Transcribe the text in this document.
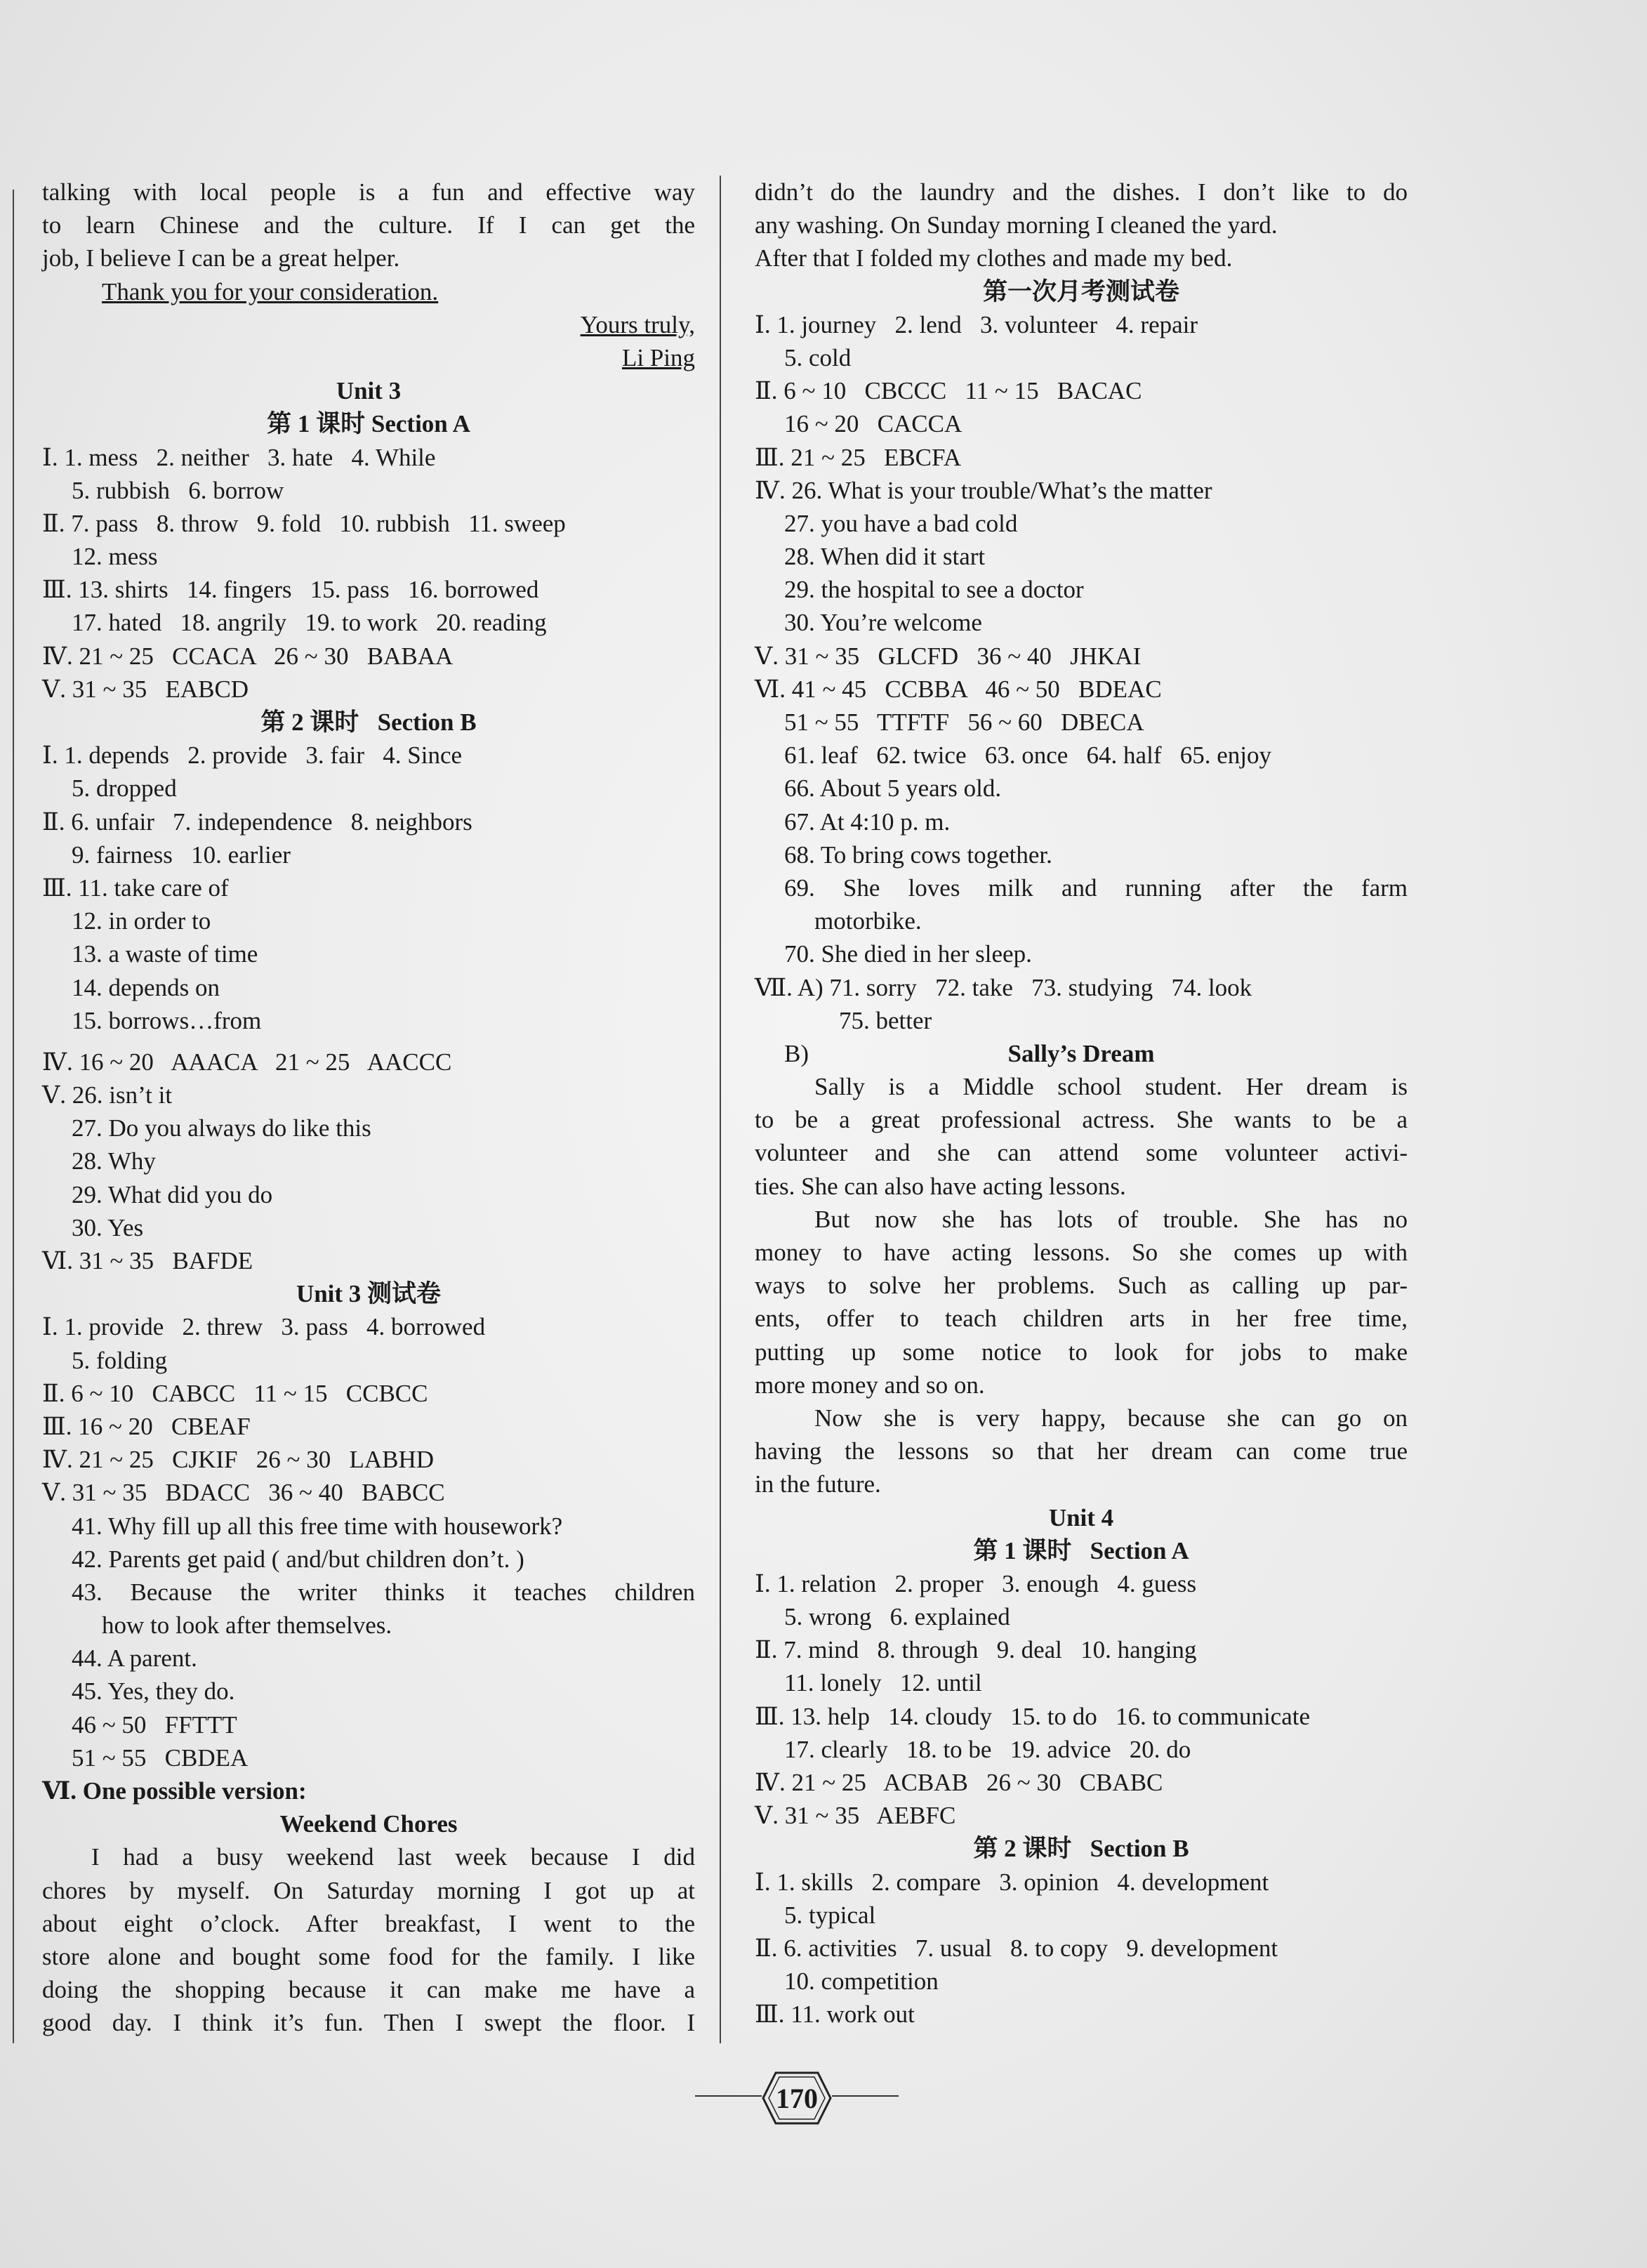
talking with local people is a fun and effective way
to learn Chinese and the culture. If I can get the
job, I believe I can be a great helper.
Thank you for your consideration.
Yours truly,
Li Ping
Unit 3
第 1 课时 Section A
Ⅰ. 1. mess   2. neither   3. hate   4. While
5. rubbish   6. borrow
Ⅱ. 7. pass   8. throw   9. fold   10. rubbish   11. sweep
12. mess
Ⅲ. 13. shirts   14. fingers   15. pass   16. borrowed
17. hated   18. angrily   19. to work   20. reading
Ⅳ. 21 ~ 25   CCACA   26 ~ 30   BABAA
Ⅴ. 31 ~ 35   EABCD
第 2 课时   Section B
Ⅰ. 1. depends   2. provide   3. fair   4. Since
5. dropped
Ⅱ. 6. unfair   7. independence   8. neighbors
9. fairness   10. earlier
Ⅲ. 11. take care of
12. in order to
13. a waste of time
14. depends on
15. borrows…from
Ⅳ. 16 ~ 20   AAACA   21 ~ 25   AACCC
Ⅴ. 26. isn’t it
27. Do you always do like this
28. Why
29. What did you do
30. Yes
Ⅵ. 31 ~ 35   BAFDE
Unit 3 测试卷
Ⅰ. 1. provide   2. threw   3. pass   4. borrowed
5. folding
Ⅱ. 6 ~ 10   CABCC   11 ~ 15   CCBCC
Ⅲ. 16 ~ 20   CBEAF
Ⅳ. 21 ~ 25   CJKIF   26 ~ 30   LABHD
Ⅴ. 31 ~ 35   BDACC   36 ~ 40   BABCC
41. Why fill up all this free time with housework?
42. Parents get paid ( and/but children don’t. )
43. Because the writer thinks it teaches children
how to look after themselves.
44. A parent.
45. Yes, they do.
46 ~ 50   FFTTT
51 ~ 55   CBDEA
Ⅵ. One possible version:
Weekend Chores
I had a busy weekend last week because I did
chores by myself. On Saturday morning I got up at
about eight o’clock. After breakfast, I went to the
store alone and bought some food for the family. I like
doing the shopping because it can make me have a
good day. I think it’s fun. Then I swept the floor. I
didn’t do the laundry and the dishes. I don’t like to do
any washing. On Sunday morning I cleaned the yard.
After that I folded my clothes and made my bed.
第一次月考测试卷
Ⅰ. 1. journey   2. lend   3. volunteer   4. repair
5. cold
Ⅱ. 6 ~ 10   CBCCC   11 ~ 15   BACAC
16 ~ 20   CACCA
Ⅲ. 21 ~ 25   EBCFA
Ⅳ. 26. What is your trouble/What’s the matter
27. you have a bad cold
28. When did it start
29. the hospital to see a doctor
30. You’re welcome
Ⅴ. 31 ~ 35   GLCFD   36 ~ 40   JHKAI
Ⅵ. 41 ~ 45   CCBBA   46 ~ 50   BDEAC
51 ~ 55   TTFTF   56 ~ 60   DBECA
61. leaf   62. twice   63. once   64. half   65. enjoy
66. About 5 years old.
67. At 4:10 p. m.
68. To bring cows together.
69. She loves milk and running after the farm
motorbike.
70. She died in her sleep.
Ⅶ. A) 71. sorry   72. take   73. studying   74. look
75. better
B)	Sally’s Dream
Sally is a Middle school student. Her dream is
to be a great professional actress. She wants to be a
volunteer and she can attend some volunteer activi-
ties. She can also have acting lessons.
But now she has lots of trouble. She has no
money to have acting lessons. So she comes up with
ways to solve her problems. Such as calling up par-
ents, offer to teach children arts in her free time,
putting up some notice to look for jobs to make
more money and so on.
Now she is very happy, because she can go on
having the lessons so that her dream can come true
in the future.
Unit 4
第 1 课时   Section A
Ⅰ. 1. relation   2. proper   3. enough   4. guess
5. wrong   6. explained
Ⅱ. 7. mind   8. through   9. deal   10. hanging
11. lonely   12. until
Ⅲ. 13. help   14. cloudy   15. to do   16. to communicate
17. clearly   18. to be   19. advice   20. do
Ⅳ. 21 ~ 25   ACBAB   26 ~ 30   CBABC
Ⅴ. 31 ~ 35   AEBFC
第 2 课时   Section B
Ⅰ. 1. skills   2. compare   3. opinion   4. development
5. typical
Ⅱ. 6. activities   7. usual   8. to copy   9. development
10. competition
Ⅲ. 11. work out
170
